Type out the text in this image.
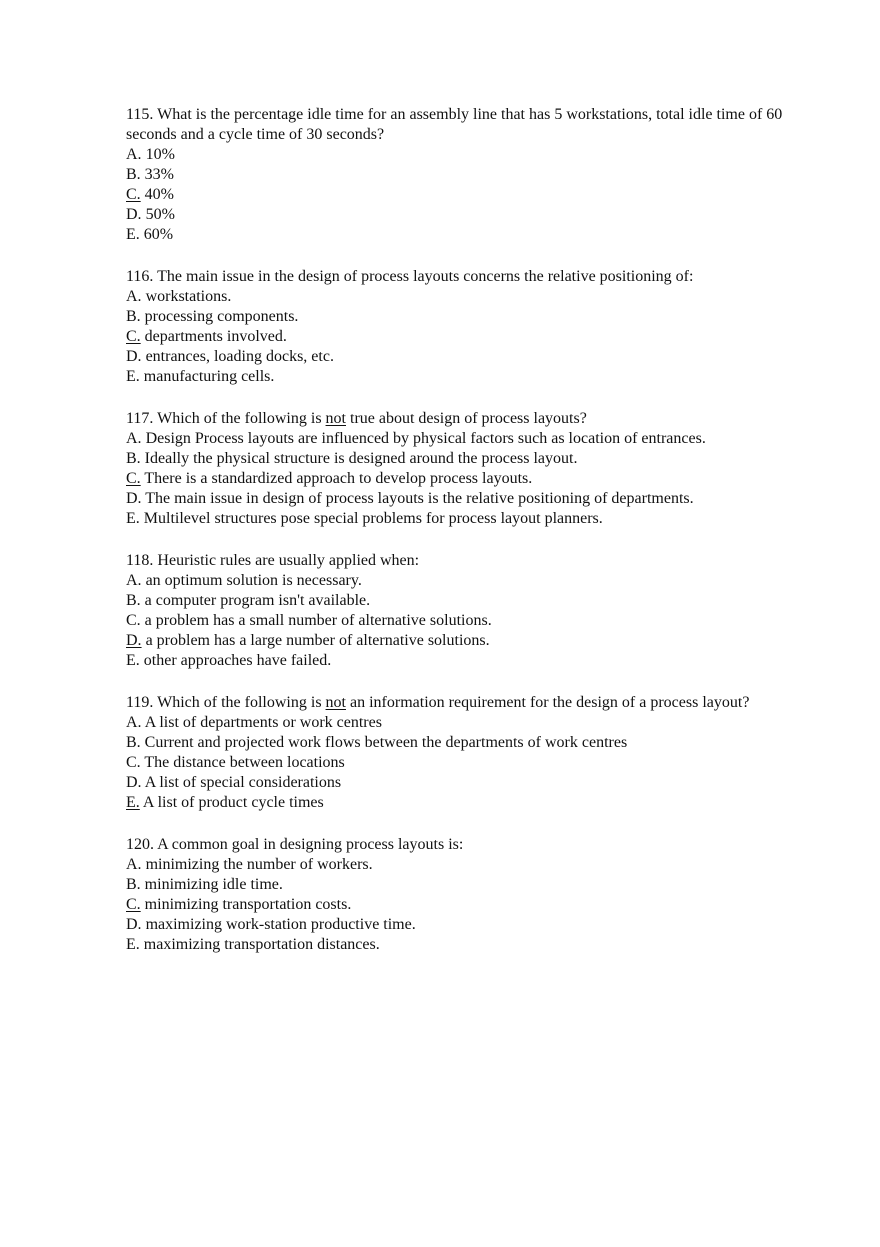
115. What is the percentage idle time for an assembly line that has 5 workstations, total idle time of 60 seconds and a cycle time of 30 seconds?
A. 10%
B. 33%
C. 40%
D. 50%
E. 60%
116. The main issue in the design of process layouts concerns the relative positioning of:
A. workstations.
B. processing components.
C. departments involved.
D. entrances, loading docks, etc.
E. manufacturing cells.
117. Which of the following is not true about design of process layouts?
A. Design Process layouts are influenced by physical factors such as location of entrances.
B. Ideally the physical structure is designed around the process layout.
C. There is a standardized approach to develop process layouts.
D. The main issue in design of process layouts is the relative positioning of departments.
E. Multilevel structures pose special problems for process layout planners.
118. Heuristic rules are usually applied when:
A. an optimum solution is necessary.
B. a computer program isn't available.
C. a problem has a small number of alternative solutions.
D. a problem has a large number of alternative solutions.
E. other approaches have failed.
119. Which of the following is not an information requirement for the design of a process layout?
A. A list of departments or work centres
B. Current and projected work flows between the departments of work centres
C. The distance between locations
D. A list of special considerations
E. A list of product cycle times
120. A common goal in designing process layouts is:
A. minimizing the number of workers.
B. minimizing idle time.
C. minimizing transportation costs.
D. maximizing work-station productive time.
E. maximizing transportation distances.
